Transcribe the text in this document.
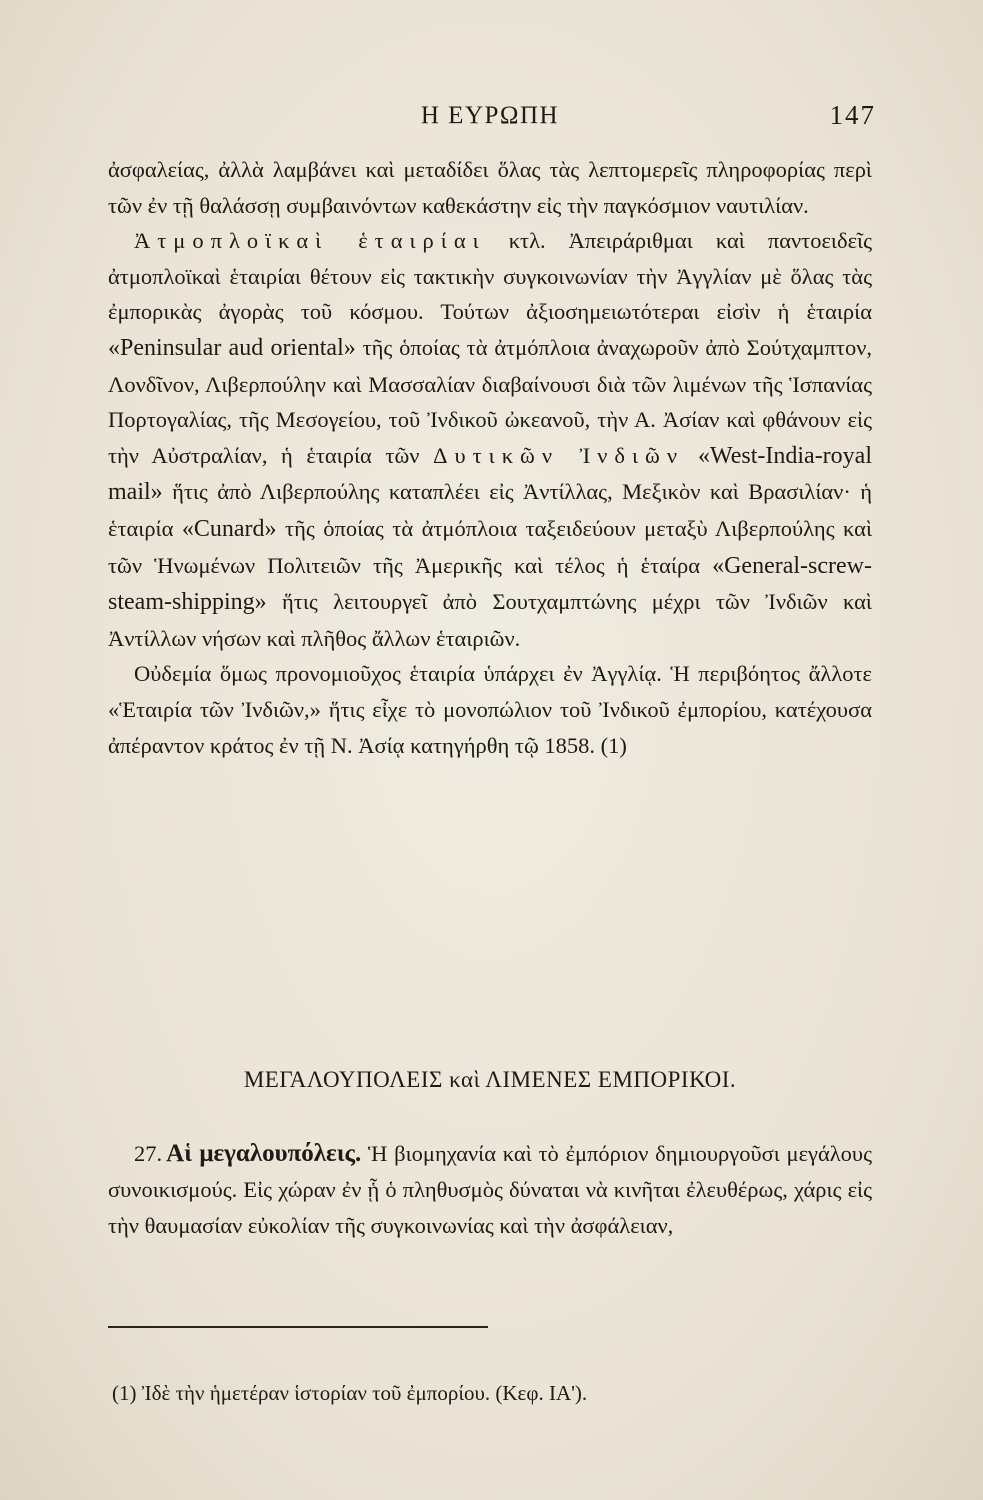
Η ΕΥΡΩΠΗ	147

ἀσφαλείας, ἀλλὰ λαμβάνει καὶ μεταδίδει ὅλας τὰς λεπτομερεῖς πληροφορίας περὶ τῶν ἐν τῇ θαλάσσῃ συμβαινόντων καθεκάστην εἰς τὴν παγκόσμιον ναυτιλίαν.

Ἀτμοπλοϊκαὶ ἑταιρίαι κτλ. Ἀπειράριθμαι καὶ παντοειδεῖς ἀτμοπλοϊκαὶ ἑταιρίαι θέτουν εἰς τακτικὴν συγκοινωνίαν τὴν Ἀγγλίαν μὲ ὅλας τὰς ἐμπορικὰς ἀγορὰς τοῦ κόσμου. Τούτων ἀξιοσημειωτότεραι εἰσὶν ἡ ἑταιρία «Peninsular aud oriental» τῆς ὁποίας τὰ ἀτμόπλοια ἀναχωροῦν ἀπὸ Σούτχαμπτον, Λονδῖνον, Λιβερπούλην καὶ Μασσαλίαν διαβαίνουσι διὰ τῶν λιμένων τῆς Ἱσπανίας Πορτογαλίας, τῆς Μεσογείου, τοῦ Ἰνδικοῦ ὠκεανοῦ, τὴν Α. Ἀσίαν καὶ φθάνουν εἰς τὴν Αὐστραλίαν, ἡ ἑταιρία τῶν Δυτικῶν Ἰνδιῶν «West-India-royal mail» ἥτις ἀπὸ Λιβερπούλης καταπλέει εἰς Ἀντίλλας, Μεξικὸν καὶ Βρασιλίαν· ἡ ἑταιρία «Cunard» τῆς ὁποίας τὰ ἀτμόπλοια ταξειδεύουν μεταξὺ Λιβερπούλης καὶ τῶν Ἡνωμένων Πολιτειῶν τῆς Ἀμερικῆς καὶ τέλος ἡ ἑταίρα «General-screw-steam-shipping» ἥτις λειτουργεῖ ἀπὸ Σουτχαμπτώνης μέχρι τῶν Ἰνδιῶν καὶ Ἀντίλλων νήσων καὶ πλῆθος ἄλλων ἑταιριῶν.

Οὐδεμία ὅμως προνομιοῦχος ἑταιρία ὑπάρχει ἐν Ἀγγλίᾳ. Ἡ περιβόητος ἄλλοτε «Ἑταιρία τῶν Ἰνδιῶν,» ἥτις εἶχε τὸ μονοπώλιον τοῦ Ἰνδικοῦ ἐμπορίου, κατέχουσα ἀπέραντον κράτος ἐν τῇ Ν. Ἀσίᾳ κατηγήρθη τῷ 1858. (1)

ΜΕΓΑΛΟΥΠΟΛΕΙΣ καὶ ΛΙΜΕΝΕΣ ΕΜΠΟΡΙΚΟΙ.

27. Αἱ μεγαλουπόλεις. Ἡ βιομηχανία καὶ τὸ ἐμπόριον δημιουργοῦσι μεγάλους συνοικισμούς. Εἰς χώραν ἐν ᾗ ὁ πληθυσμὸς δύναται νὰ κινῆται ἐλευθέρως, χάρις εἰς τὴν θαυμασίαν εὐκολίαν τῆς συγκοινωνίας καὶ τὴν ἀσφάλειαν,

(1) Ἰδὲ τὴν ἡμετέραν ἱστορίαν τοῦ ἐμπορίου. (Κεφ. ΙΑ').
